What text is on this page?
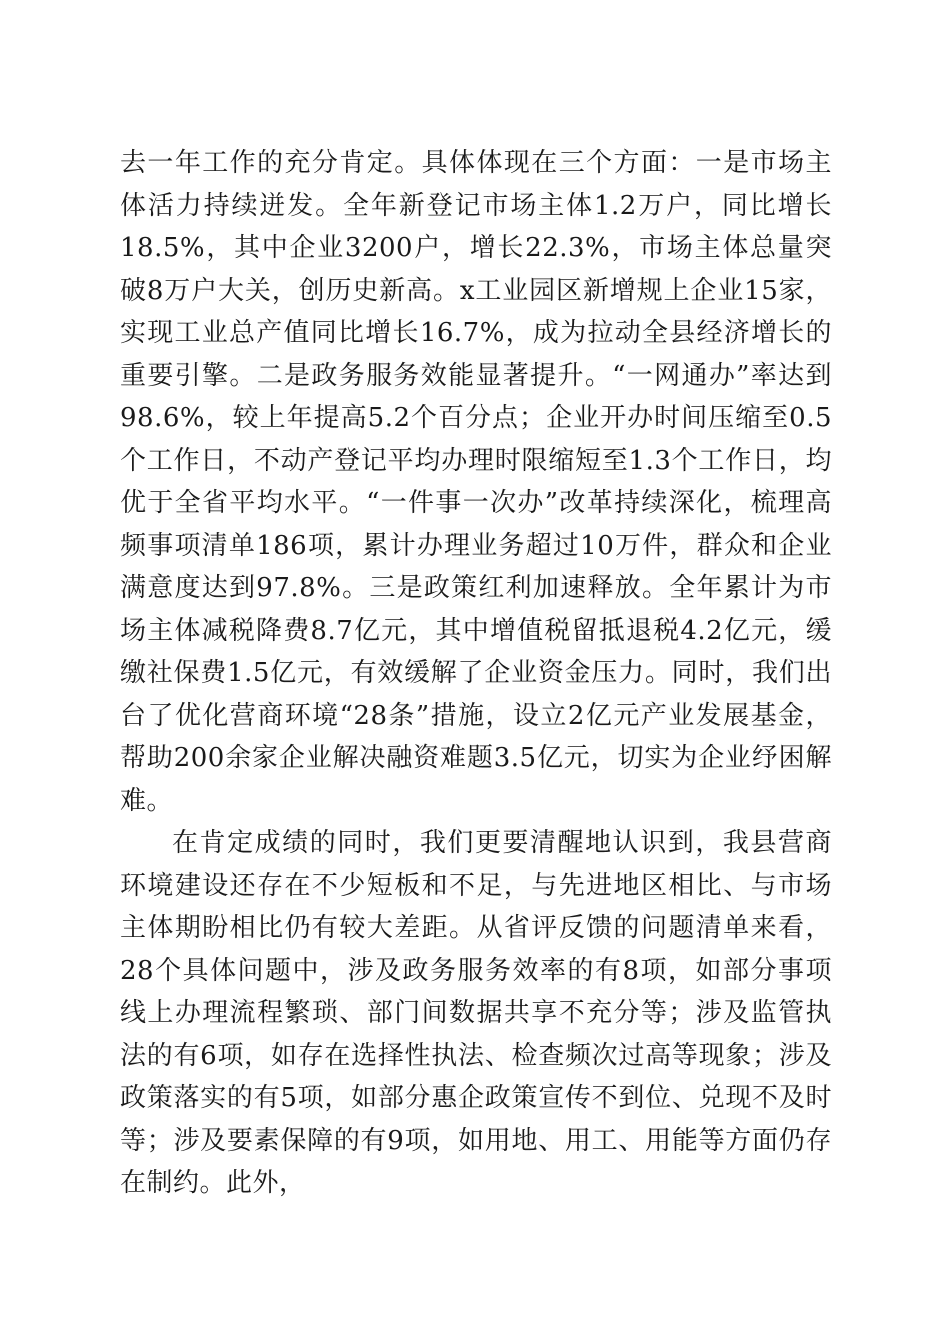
去一年工作的充分肯定。具体体现在三个方面：一是市场主体活力持续迸发。全年新登记市场主体1.2万户，同比增长18.5%，其中企业3200户，增长22.3%，市场主体总量突破8万户大关，创历史新高。x工业园区新增规上企业15家，实现工业总产值同比增长16.7%，成为拉动全县经济增长的重要引擎。二是政务服务效能显著提升。“一网通办”率达到98.6%，较上年提高5.2个百分点；企业开办时间压缩至0.5个工作日，不动产登记平均办理时限缩短至1.3个工作日，均优于全省平均水平。“一件事一次办”改革持续深化，梳理高频事项清单186项，累计办理业务超过10万件，群众和企业满意度达到97.8%。三是政策红利加速释放。全年累计为市场主体减税降费8.7亿元，其中增值税留抵退税4.2亿元，缓缴社保费1.5亿元，有效缓解了企业资金压力。同时，我们出台了优化营商环境“28条”措施，设立2亿元产业发展基金，帮助200余家企业解决融资难题3.5亿元，切实为企业纾困解难。

在肯定成绩的同时，我们更要清醒地认识到，我县营商环境建设还存在不少短板和不足，与先进地区相比、与市场主体期盼相比仍有较大差距。从省评反馈的问题清单来看，28个具体问题中，涉及政务服务效率的有8项，如部分事项线上办理流程繁琐、部门间数据共享不充分等；涉及监管执法的有6项，如存在选择性执法、检查频次过高等现象；涉及政策落实的有5项，如部分惠企政策宣传不到位、兑现不及时等；涉及要素保障的有9项，如用地、用工、用能等方面仍存在制约。此外，
